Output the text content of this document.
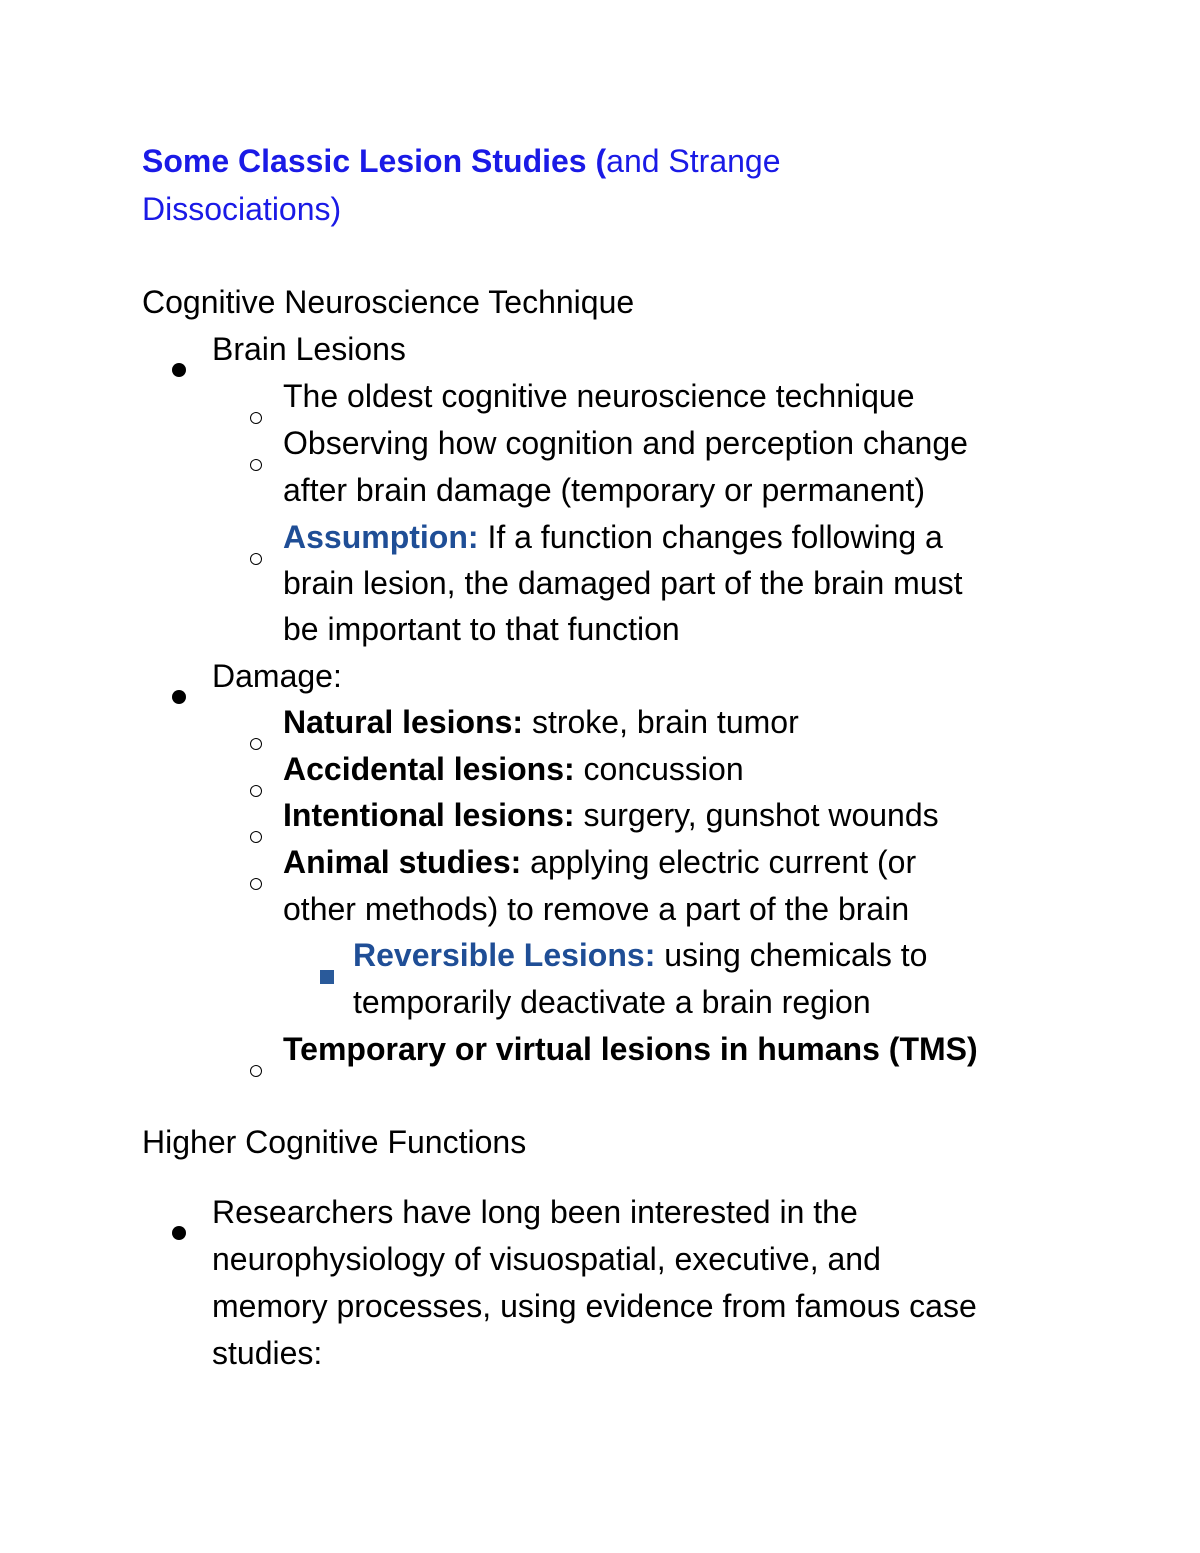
Some Classic Lesion Studies (and Strange
Dissociations)
Cognitive Neuroscience Technique
Brain Lesions
The oldest cognitive neuroscience technique
Observing how cognition and perception change
after brain damage (temporary or permanent)
Assumption: If a function changes following a
brain lesion, the damaged part of the brain must
be important to that function
Damage:
Natural lesions: stroke, brain tumor
Accidental lesions: concussion
Intentional lesions: surgery, gunshot wounds
Animal studies: applying electric current (or
other methods) to remove a part of the brain
Reversible Lesions: using chemicals to
temporarily deactivate a brain region
Temporary or virtual lesions in humans (TMS)
Higher Cognitive Functions
Researchers have long been interested in the
neurophysiology of visuospatial, executive, and
memory processes, using evidence from famous case
studies:
